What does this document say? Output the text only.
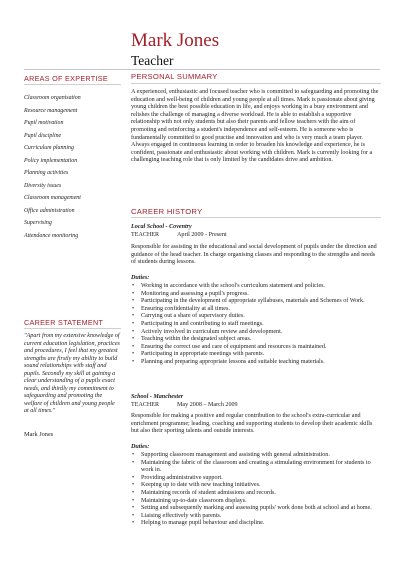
Mark Jones
Teacher
AREAS OF EXPERTISE
Classroom organisation
Resource management
Pupil motivation
Pupil discipline
Curriculum planning
Policy implementation
Planning activities
Diversity issues
Classroom management
Office administration
Supervising
Attendance monitoring
CAREER STATEMENT
"Apart from my extensive knowledge of current education legislation, practices and procedures, I feel that my greatest strengths are firstly my ability to build sound relationships with staff and pupils. Secondly my skill at gaining a clear understanding of a pupils exact needs, and thirdly my commitment to safeguarding and promoting the welfare of children and young people at all times."
Mark Jones
PERSONAL SUMMARY

A experienced, enthusiastic and focused teacher who is committed to safeguarding and promoting the education and well-being of children and young people at all times. Mark is passionate about giving young children the best possible education in life, and enjoys working in a busy environment and relishes the challenge of managing a diverse workload. He is able to establish a supportive relationship with not only students but also their parents and fellow teachers with the aim of promoting and reinforcing a student's independence and self-esteem. He is someone who is fundamentally committed to good practise and innovation and who is very much a team player. Always engaged in continuous learning in order to broaden his knowledge and experience, he is confident, passionate and enthusiastic about working with children. Mark is currently looking for a challenging teaching role that is only limited by the candidates drive and ambition.

CAREER HISTORY
Local School - Coventry
TEACHER	April 2009 - Present

Responsible for assisting in the educational and social development of pupils under the direction and guidance of the head teacher. In charge organising classes and responding to the strengths and needs of students during lessons.

Duties:
• Working in accordance with the school's curriculum statement and policies.
• Monitoring and assessing a pupil's progress.
• Participating in the development of appropriate syllabuses, materials and Schemes of Work.
• Ensuring confidentiality at all times.
• Carrying out a share of supervisory duties.
• Participating in and contributing to staff meetings.
• Actively involved in curriculum review and development.
• Teaching within the designated subject areas.
• Ensuring the correct use and care of equipment and resources is maintained.
• Participating in appropriate meetings with parents.
• Planning and preparing appropriate lessons and suitable teaching materials.
School - Manchester
TEACHER	May 2008 – March 2009

Responsible for making a positive and regular contribution to the school's extra-curricular and enrichment programme; leading, coaching and supporting students to develop their academic skills but also their sporting talents and outside interests.

Duties:
• Supporting classroom management and assisting with general administration.
• Maintaining the fabric of the classroom and creating a stimulating environment for students to work in.
• Providing administrative support.
• Keeping up to date with new teaching initiatives.
• Maintaining records of student admissions and records.
• Maintaining up-to-date classroom displays.
• Setting and subsequently marking and assessing pupils' work done both at school and at home.
• Liaising effectively with parents.
• Helping to manage pupil behaviour and discipline.
